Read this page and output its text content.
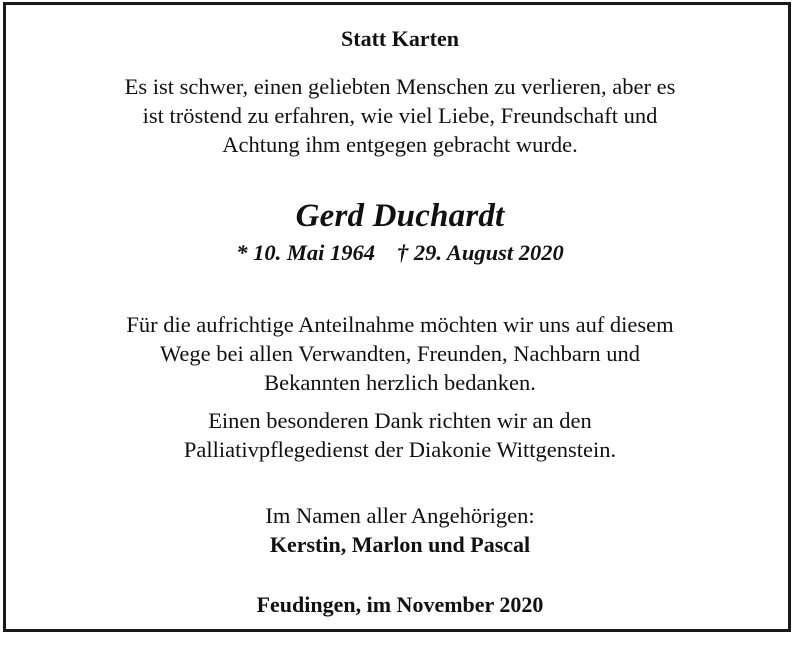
Statt Karten

Es ist schwer, einen geliebten Menschen zu verlieren, aber es

ist tröstend zu erfahren, wie viel Liebe, Freundschaft und

Achtung ihm entgegen gebracht wurde.

Gerd Duchardt

* 10. Mai 1964 † 29. August 2020

Für die aufrichtige Anteilnahme möchten wir uns auf diesem

Wege bei allen Verwandten, Freunden, Nachbarn und

Bekannten herzlich bedanken.

Einen besonderen Dank richten wir an den

Palliativpflegedienst der Diakonie Wittgenstein.

Im Namen aller Angehörigen:

Kerstin, Marlon und Pascal

Feudingen, im November 2020
